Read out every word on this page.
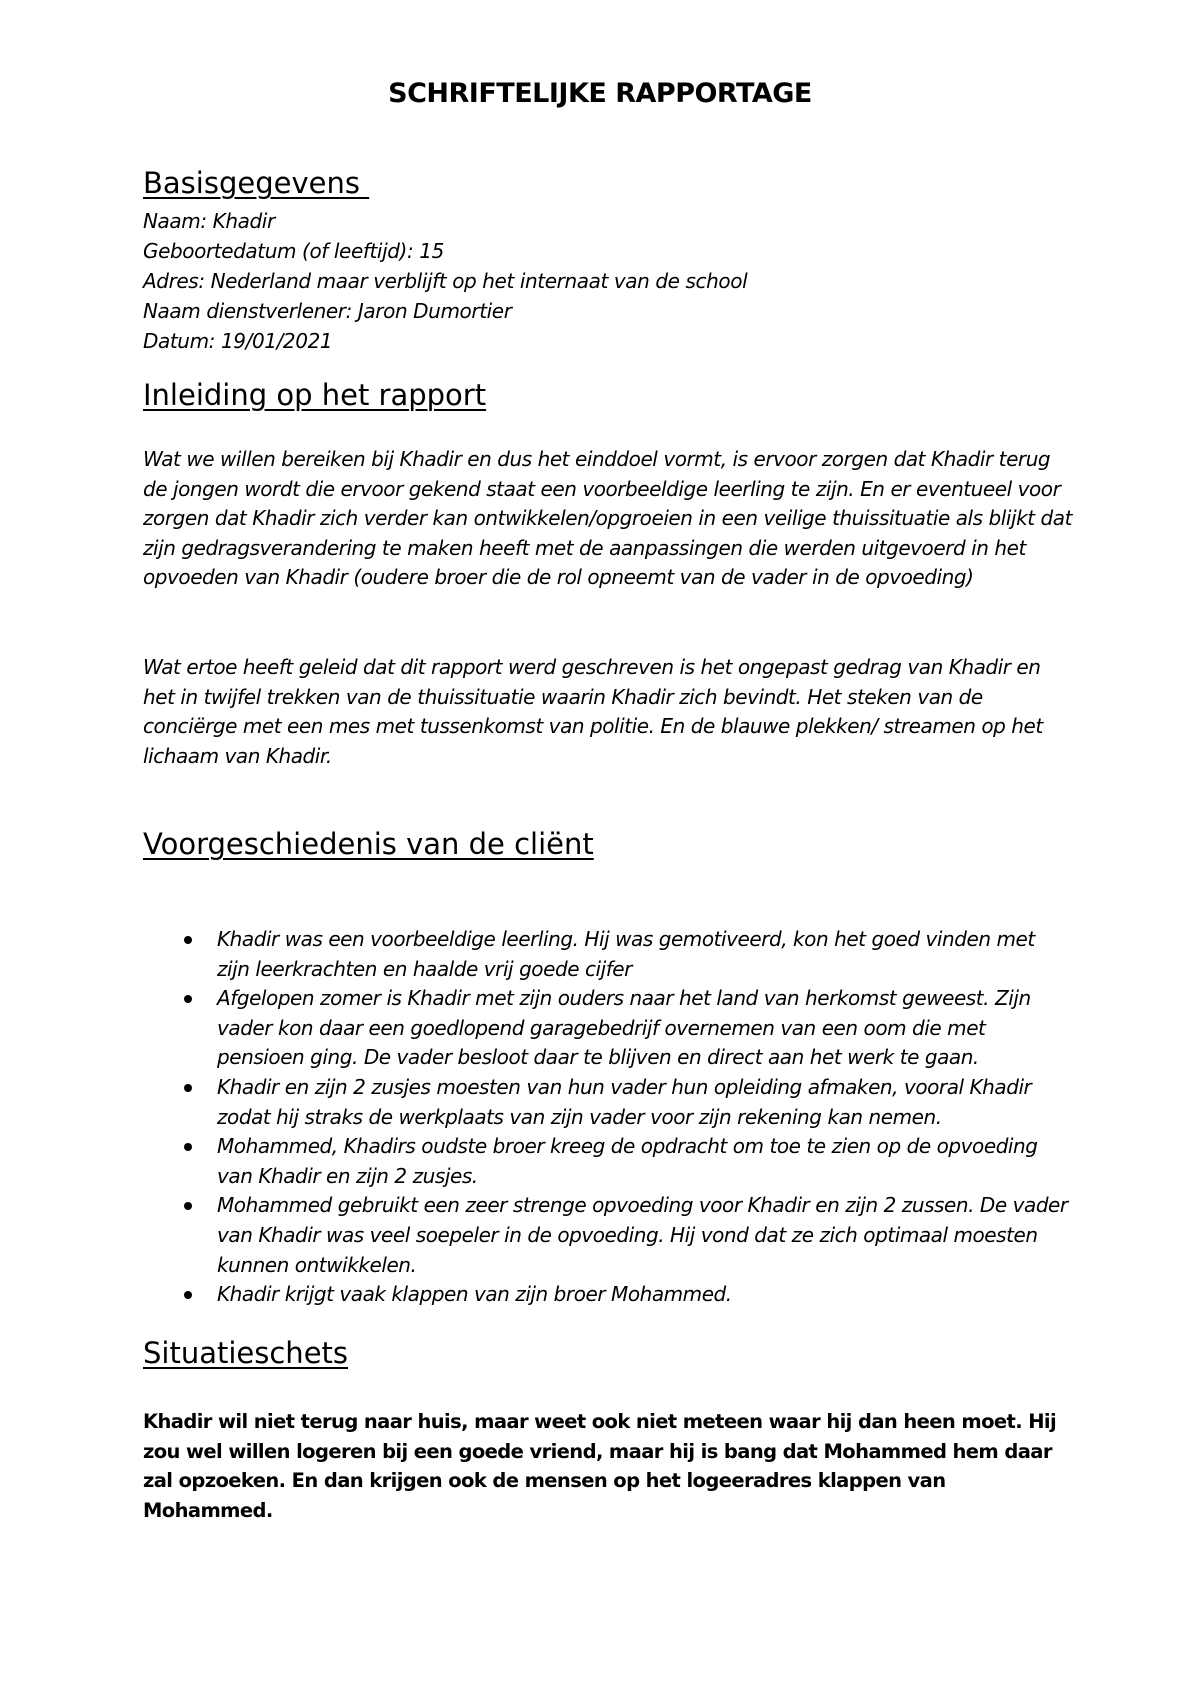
SCHRIFTELIJKE RAPPORTAGE
Basisgegevens
Naam: Khadir
Geboortedatum (of leeftijd): 15
Adres: Nederland maar verblijft op het internaat van de school
Naam dienstverlener: Jaron Dumortier
Datum: 19/01/2021
Inleiding op het rapport

Wat we willen bereiken bij Khadir en dus het einddoel vormt, is ervoor zorgen dat Khadir terug de jongen wordt die ervoor gekend staat een voorbeeldige leerling te zijn. En er eventueel voor zorgen dat Khadir zich verder kan ontwikkelen/opgroeien in een veilige thuissituatie als blijkt dat zijn gedragsverandering te maken heeft met de aanpassingen die werden uitgevoerd in het opvoeden van Khadir (oudere broer die de rol opneemt van de vader in de opvoeding)

Wat ertoe heeft geleid dat dit rapport werd geschreven is het ongepast gedrag van Khadir en het in twijfel trekken van de thuissituatie waarin Khadir zich bevindt. Het steken van de conciërge met een mes met tussenkomst van politie. En de blauwe plekken/ streamen op het lichaam van Khadir.

Voorgeschiedenis van de cliënt
Khadir was een voorbeeldige leerling. Hij was gemotiveerd, kon het goed vinden met zijn leerkrachten en haalde vrij goede cijfer
Afgelopen zomer is Khadir met zijn ouders naar het land van herkomst geweest. Zijn vader kon daar een goedlopend garagebedrijf overnemen van een oom die met pensioen ging. De vader besloot daar te blijven en direct aan het werk te gaan.
Khadir en zijn 2 zusjes moesten van hun vader hun opleiding afmaken, vooral Khadir zodat hij straks de werkplaats van zijn vader voor zijn rekening kan nemen.
Mohammed, Khadirs oudste broer kreeg de opdracht om toe te zien op de opvoeding van Khadir en zijn 2 zusjes.
Mohammed gebruikt een zeer strenge opvoeding voor Khadir en zijn 2 zussen. De vader van Khadir was veel soepeler in de opvoeding. Hij vond dat ze zich optimaal moesten kunnen ontwikkelen.
Khadir krijgt vaak klappen van zijn broer Mohammed.
Situatieschets

Khadir wil niet terug naar huis, maar weet ook niet meteen waar hij dan heen moet. Hij zou wel willen logeren bij een goede vriend, maar hij is bang dat Mohammed hem daar zal opzoeken. En dan krijgen ook de mensen op het logeeradres klappen van Mohammed.
